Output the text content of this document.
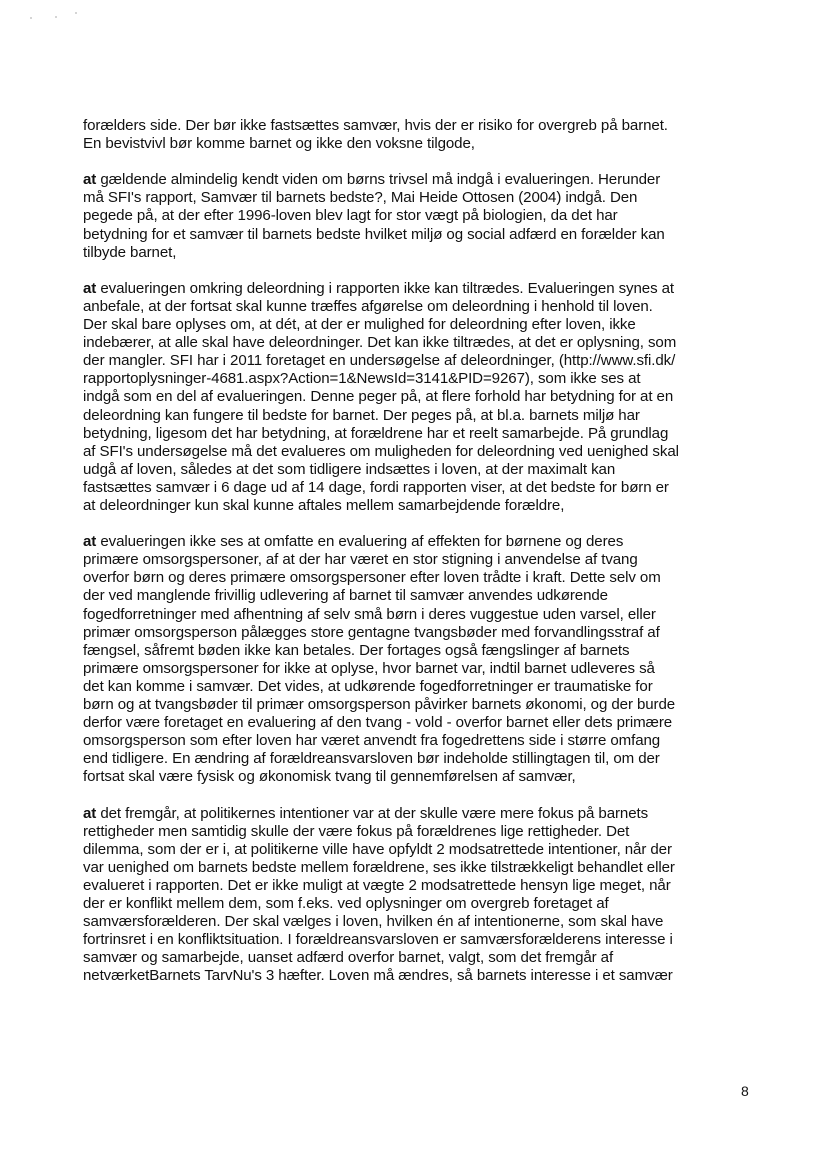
forælders side. Der bør ikke fastsættes samvær, hvis der er risiko for overgreb på barnet.
En bevistvivl bør komme barnet og ikke den voksne tilgode,
at gældende almindelig kendt viden om børns trivsel må indgå i evalueringen. Herunder
må SFI's rapport, Samvær til barnets bedste?, Mai Heide Ottosen (2004) indgå. Den
pegede på, at der efter 1996-loven blev lagt for stor vægt på biologien, da det har
betydning for et samvær til barnets bedste hvilket miljø og social adfærd en forælder kan
tilbyde barnet,
at evalueringen omkring deleordning i rapporten ikke kan tiltrædes. Evalueringen synes at
anbefale, at der fortsat skal kunne træffes afgørelse om deleordning i henhold til loven.
Der skal bare oplyses om, at dét, at der er mulighed for deleordning efter loven, ikke
indebærer, at alle skal have deleordninger. Det kan ikke tiltrædes, at det er oplysning, som
der mangler. SFI har i 2011 foretaget en undersøgelse af deleordninger, (http://www.sfi.dk/
rapportoplysninger-4681.aspx?Action=1&NewsId=3141&PID=9267), som ikke ses at
indgå som en del af evalueringen. Denne peger på, at flere forhold har betydning for at en
deleordning kan fungere til bedste for barnet. Der peges på, at bl.a. barnets miljø har
betydning, ligesom det har betydning, at forældrene har et reelt samarbejde. På grundlag
af SFI's undersøgelse må det evalueres om muligheden for deleordning ved uenighed skal
udgå af loven, således at det som tidligere indsættes i loven, at der maximalt kan
fastsættes samvær i 6 dage ud af 14 dage, fordi rapporten viser, at det bedste for børn er
at deleordninger kun skal kunne aftales mellem samarbejdende forældre,
at evalueringen ikke ses at omfatte en evaluering af effekten for børnene og deres
primære omsorgspersoner, af at der har været en stor stigning i anvendelse af tvang
overfor børn og deres primære omsorgspersoner efter loven trådte i kraft. Dette selv om
der ved manglende frivillig udlevering af barnet til samvær anvendes udkørende
fogedforretninger med afhentning af selv små børn i deres vuggestue uden varsel, eller
primær omsorgsperson pålægges store gentagne tvangsbøder med forvandlingsstraf af
fængsel, såfremt bøden ikke kan betales. Der fortages også fængslinger af barnets
primære omsorgspersoner for ikke at oplyse, hvor barnet var, indtil barnet udleveres så
det kan komme i samvær. Det vides, at udkørende fogedforretninger er traumatiske for
børn og at tvangsbøder til primær omsorgsperson påvirker barnets økonomi, og der burde
derfor være foretaget en evaluering af den tvang - vold - overfor barnet eller dets primære
omsorgsperson som efter loven har været anvendt fra fogedrettens side i større omfang
end tidligere. En ændring af forældreansvarsloven bør indeholde stillingtagen til, om der
fortsat skal være fysisk og økonomisk tvang til gennemførelsen af samvær,
at det fremgår, at politikernes intentioner var at der skulle være mere fokus på barnets
rettigheder men samtidig skulle der være fokus på forældrenes lige rettigheder. Det
dilemma, som der er i, at politikerne ville have opfyldt 2 modsatrettede intentioner, når der
var uenighed om barnets bedste mellem forældrene, ses ikke tilstrækkeligt behandlet eller
evalueret i rapporten. Det er ikke muligt at vægte 2 modsatrettede hensyn lige meget, når
der er konflikt mellem dem, som f.eks. ved oplysninger om overgreb foretaget af
samværsforælderen. Der skal vælges i loven, hvilken én af intentionerne, som skal have
fortrinsret i en konfliktsituation. I forældreansvarsloven er samværsforælderens interesse i
samvær og samarbejde, uanset adfærd overfor barnet, valgt, som det fremgår af
netværketBarnets TarvNu's 3 hæfter. Loven må ændres, så barnets interesse i et samvær
8
